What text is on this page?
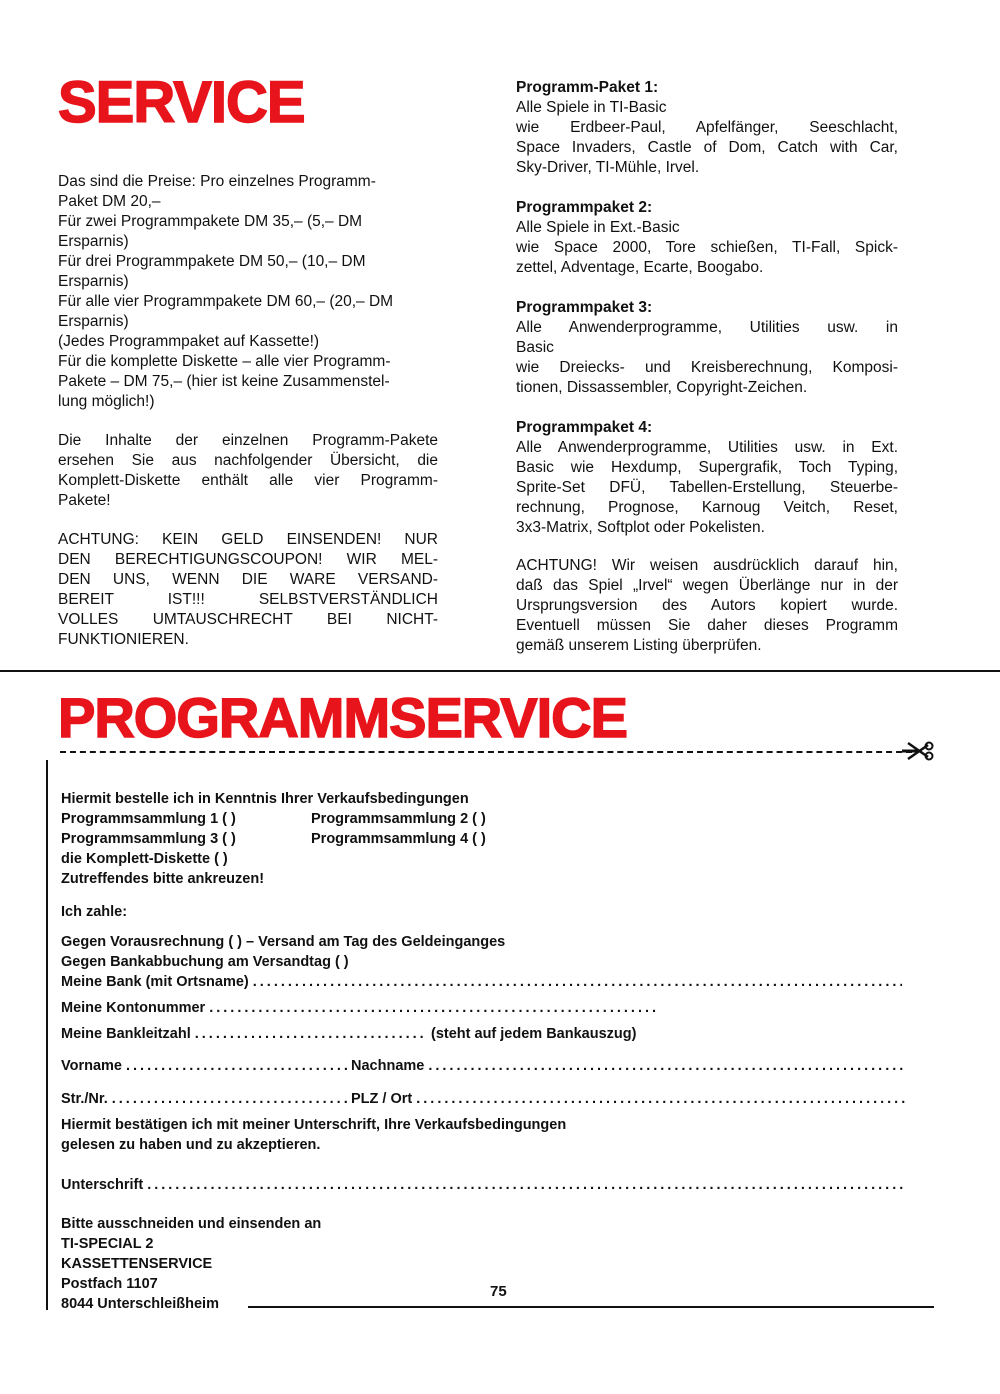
SERVICE
Das sind die Preise: Pro einzelnes Programm-
Paket DM 20,–
Für zwei Programmpakete DM 35,– (5,– DM
Ersparnis)
Für drei Programmpakete DM 50,– (10,– DM
Ersparnis)
Für alle vier Programmpakete DM 60,– (20,– DM
Ersparnis)
(Jedes Programmpaket auf Kassette!)
Für die komplette Diskette – alle vier Programm-
Pakete – DM 75,– (hier ist keine Zusammenstel-
lung möglich!)
Die Inhalte der einzelnen Programm-Pakete
ersehen Sie aus nachfolgender Übersicht, die
Komplett-Diskette enthält alle vier Programm-
Pakete!
ACHTUNG: KEIN GELD EINSENDEN! NUR
DEN BERECHTIGUNGSCOUPON! WIR MEL-
DEN UNS, WENN DIE WARE VERSAND-
BEREIT IST!!! SELBSTVERSTÄNDLICH
VOLLES UMTAUSCHRECHT BEI NICHT-
FUNKTIONIEREN.
Programm-Paket 1:
Alle Spiele in TI-Basic
wie Erdbeer-Paul, Apfelfänger, Seeschlacht,
Space Invaders, Castle of Dom, Catch with Car,
Sky-Driver, TI-Mühle, Irvel.
Programmpaket 2:
Alle Spiele in Ext.-Basic
wie Space 2000, Tore schießen, TI-Fall, Spick-
zettel, Adventage, Ecarte, Boogabo.
Programmpaket 3:
Alle Anwenderprogramme, Utilities usw. in
Basic
wie Dreiecks- und Kreisberechnung, Komposi-
tionen, Dissassembler, Copyright-Zeichen.
Programmpaket 4:
Alle Anwenderprogramme, Utilities usw. in Ext.
Basic wie Hexdump, Supergrafik, Toch Typing,
Sprite-Set DFÜ, Tabellen-Erstellung, Steuerbe-
rechnung, Prognose, Karnoug Veitch, Reset,
3x3-Matrix, Softplot oder Pokelisten.
ACHTUNG! Wir weisen ausdrücklich darauf hin,
daß das Spiel „Irvel“ wegen Überlänge nur in der
Ursprungsversion des Autors kopiert wurde.
Eventuell müssen Sie daher dieses Programm
gemäß unserem Listing überprüfen.
PROGRAMMSERVICE
Hiermit bestelle ich in Kenntnis Ihrer Verkaufsbedingungen
Programmsammlung 1 ( )	Programmsammlung 2 ( )
Programmsammlung 3 ( )	Programmsammlung 4 ( )
die Komplett-Diskette ( )
Zutreffendes bitte ankreuzen!
Ich zahle:
Gegen Vorausrechnung ( ) – Versand am Tag des Geldeinganges
Gegen Bankabbuchung am Versandtag ( )
Meine Bank (mit Ortsname)
.....
Meine Kontonummer
.....
Meine Bankleitzahl .....	(steht auf jedem Bankauszug)
Vorname .....	Nachname
.....
Str./Nr. .....	PLZ / Ort
.....
Hiermit bestätigen ich mit meiner Unterschrift, Ihre Verkaufsbedingungen
gelesen zu haben und zu akzeptieren.
Unterschrift
.....
Bitte ausschneiden und einsenden an
TI-SPECIAL 2
KASSETTENSERVICE
Postfach 1107
8044 Unterschleißheim
75
